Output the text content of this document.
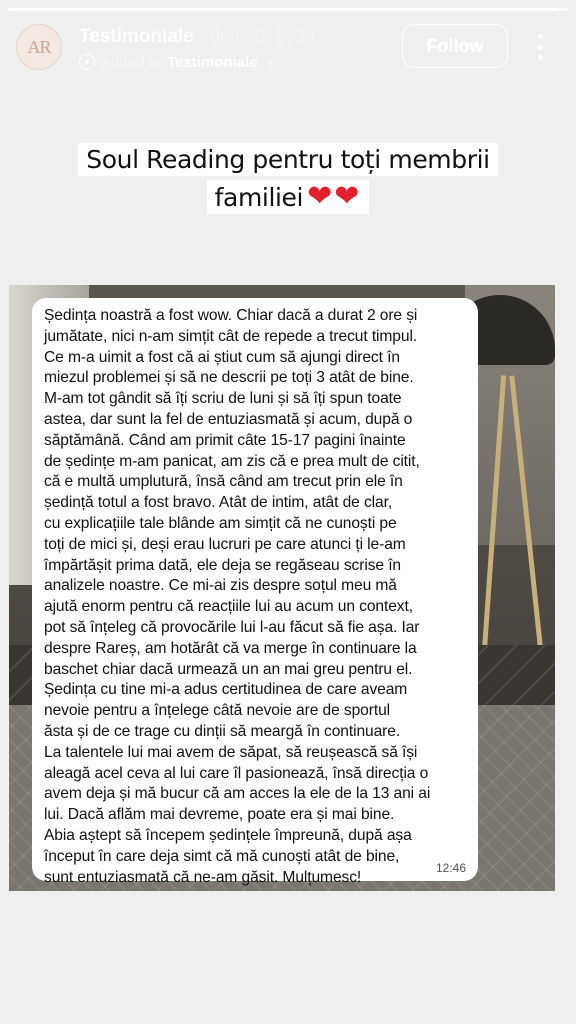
AR Testimoniale June 8, 2024
♥ Added to Testimoniale ›
Follow
Soul Reading pentru toți membrii
familiei ❤❤
Ședința noastră a fost wow. Chiar dacă a durat 2 ore și
jumătate, nici n-am simțit cât de repede a trecut timpul.
Ce m-a uimit a fost că ai știut cum să ajungi direct în
miezul problemei și să ne descrii pe toți 3 atât de bine.
M-am tot gândit să îți scriu de luni și să îți spun toate
astea, dar sunt la fel de entuziasmată și acum, după o
săptămână. Când am primit câte 15-17 pagini înainte
de ședințe m-am panicat, am zis că e prea mult de citit,
că e multă umplutură, însă când am trecut prin ele în
ședință totul a fost bravo. Atât de intim, atât de clar,
cu explicațiile tale blânde am simțit că ne cunoști pe
toți de mici și, deși erau lucruri pe care atunci ți le-am
împărtășit prima dată, ele deja se regăseau scrise în
analizele noastre. Ce mi-ai zis despre soțul meu mă
ajută enorm pentru că reacțiile lui au acum un context,
pot să înțeleg că provocările lui l-au făcut să fie așa. Iar
despre Rareș, am hotărât că va merge în continuare la
baschet chiar dacă urmează un an mai greu pentru el.
Ședința cu tine mi-a adus certitudinea de care aveam
nevoie pentru a înțelege câtă nevoie are de sportul
ăsta și de ce trage cu dinții să meargă în continuare.
La talentele lui mai avem de săpat, să reușească să își
aleagă acel ceva al lui care îl pasionează, însă direcția o
avem deja și mă bucur că am acces la ele de la 13 ani ai
lui. Dacă aflăm mai devreme, poate era și mai bine.
Abia aștept să începem ședințele împreună, după așa
început în care deja simt că mă cunoști atât de bine,
sunt entuziasmată că ne-am găsit. Mulțumesc!
12:46
